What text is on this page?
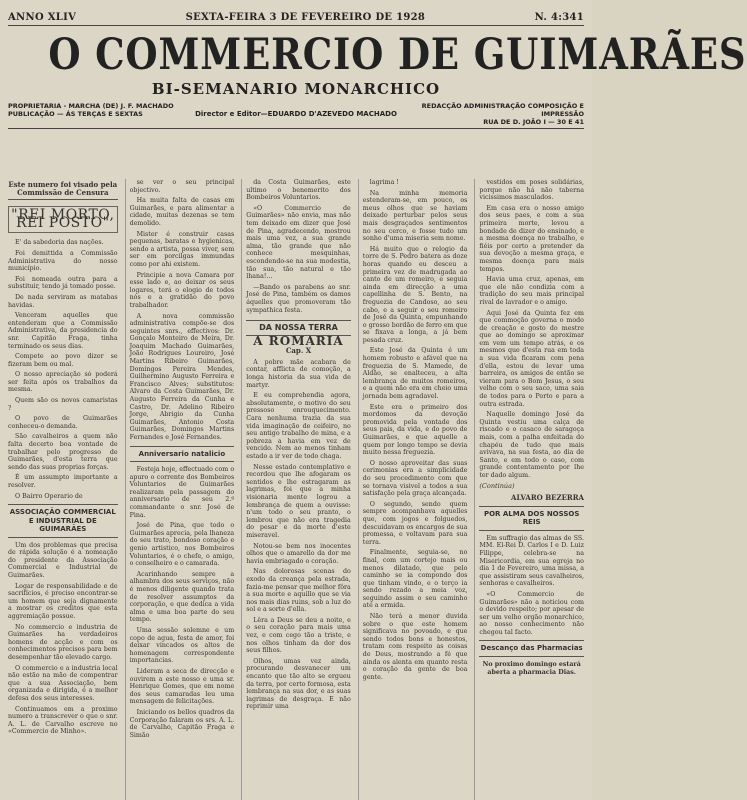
ANNO XLIV	SEXTA-FEIRA 3 DE FEVEREIRO DE 1928	N. 4:341
O COMMERCIO DE GUIMARÃES
BI-SEMANARIO MONARCHICO
PROPRIETARIA - MARCHA (DE) J. F. MACHADO
PUBLICAÇÃO — ÁS TERÇAS E SEXTAS	Director e Editor—EDUARDO D'AZEVEDO MACHADO
REDACÇÃO ADMINISTRAÇÃO COMPOSIÇÃO E IMPRESSÃO
RUA DE D. JOÃO I — 30 E 41
Este numero foi visado pela Commissão de Censura
"REI MORTO, REI POSTO"

E' da sabedoria das nações.

Foi demittida a Commissão Administrativa do nosso município.

Foi nomeada outra para a substituir, tendo já tomado posse.

De nada serviram as matabas havidas.

Venceram aquelles que entenderam que a Commissão Administrativa, da presidencia do snr. Capitão Fraga, tinha terminado os seus dias.

Compete ao povo dizer se fizeram bem ou mal.

O nosso apreciação só poderá ser feita após os trabalhos da mesma.

Quem são os novos camaristas ?

O povo de Guimarães conheceu-o demanda.

São cavalheiros a quem não falta decerto boa vontade de trabalhar pelo progresso de Guimarães, d'esta terra que sendo das suas proprias forças.

É um assumpto importante a resolver.

O Bairro Operario de

ASSOCIAÇÃO COMMERCIAL E INDUSTRIAL DE GUIMARÃES

Um dos problemas que precisa de rápida solução é a nomeação do presidente da Associação Commercial e Industrial de Guimarães.

Logar de responsabilidade e de sacrifícios, é preciso encontrar-se um homem que seja dignamente a mostrar os creditos que esta aggremiação possue.

No commercio e industria de Guimarães ha verdadeiros homens de acção e com os conhecimentos precisos para bem desempenhar tão elevado cargo.

O commercio e a industria local não estão na mão de compentrar que a sua Associação, bem organizada e dirigida, é a melhor defesa dos seus interesses.

Continuamos em a proximo numero a transcrever o que o snr. A. L. de Carvalho escreve no «Commercio de Minho».

se ver o seu principal objectivo.

Ha muita falta de casas em Guimarães, e para alimentar a cidade, muitas dezenas se tem demolido.

Mister é construir casas pequenas, baratas e hygienicas, sendo a artista, possa viver, sem ser em porcilgas immundas como por ahi existem.

Principie a nova Camara por esse lado e, ao deixar os seus logares, terá o elogio de todos nós e a gratidão do povo trabalhador.

A nova commissão administrativa compõe-se dos seguintes snrs., effectivos: Dr. Gonçalo Monteiro de Meira, Dr. Joaquim Machado Guimarães, João Rodrigues Loureiro, José Martins Ribeiro Guimarães, Domingos Pereira Mendes, Guilhermino Augusto Ferreira e Francisco Alves; substitutos: Alvaro da Costa Guimarães, Dr. Augusto Ferreira da Cunha e Castro, Dr. Adelino Ribeiro Jorge, Abrigio da Cunha Guimarães, Antonio Costa Guimarães, Domingos Martins Fernandes e José Fernandes.

Anniversario natalicio

Festeja hoje, effectuado com o apuro o corrente dos Bombeiros Voluntarios de Guimarães realizaram pela passagem do anniversario de seu 2.º commandante o snr. José de Pina.

José de Pina, que todo o Guimarães aprecia, pela lhaneza do seu trato, bondoso coração e genio artistico, nos Bombeiros Voluntarios, é o chefe, o amigo, o conselheiro e o camarada.

Acarinhando sempre a alhambra dos seus serviços, não é menos diligente quando trata de resolver assumptos da corporação, e que dedica a vida alma e uma boa parte do seu tempo.

Uma sessão solemne e um copo de agua, festa de amor, foi deixar vincados os altos de homenagem correspondente importancias.

Lideram a seca de direcção e ouvirem a este nosso e uma sr. Henrique Gomes, que em nome dos seus camaradas leu uma mensagem de felicitações.

Iniciando os bellos quadros da Corporação falaram os srs. A. L. de Carvalho, Capitão Fraga e Simão

da Costa Guimarães, este ultimo o benemerito dos Bombeiros Voluntarios.

«O Commercio de Guimarães» não envia, mas não tem deixado em dizer que José de Pina, agradecendo, mostrou mais uma vez, a sua grande alma, tão grande que não conhece mesquinhas, escondendo-se na sua modestia, tão sua, tão natural e tão lhana!...

—Bando os parabens ao snr. José de Pina, também os damos áquelles que promoveram tão sympathica festa.

DA NOSSA TERRA
A ROMARIA
Cap. X

A pobre mãe acabara de contar, afflicta de comoção, a longa historia da sua vida de martyr.

E eu comprehendia agora, absolutamente, o motivo do seu pressoso enrouquecimento. Cara nenhuma trazia da sua vida imaginação de ceifeiro, no seu antigo trabalho de mina, e a pobreza a havia em vez de vencido. Nem ao menos tinham estado a ir ver de todo chaga.

Nesse estado contemplativo e recordou que lhe afogaram os sentidos e lhe estragaram as lagrimas, foi que a minha visionaria mente logrou a lembrança de quem a ouvisse: n'um todo o seu pranto, o lembrou que não era tragedia do pesar e da morte d'este miseravel.

Notou-se bem nos inocentes olhos que o amarello da dor me havia embriagado o coração.

Nas dolorosas scenas do exodo da creança pela estrada, fazia-me pensar que melhor fôra a sua morte e aquillo que se via nos mais dias ruins, sob a luz do sol e a sorte d'ella.

Lêra a Deus se deu a noite, e o seu coração para mais uma vez, e com cego tão a triste, e nos olhos tinham da dor dos seus filhos.

Olhos, umas vez ainda, procurando desvanecer um encanto que tão alto se ergueu da terra, por certo formosa, esta lembrança na sua dor, e as suas lagrimas de desgraça. E não reprimir uma

lagrima !

Na minha memoria estenderam-se, em pouco, os meus olhos que se haviam deixado perturbar pelos seus mais desgraçados sentimentos no seu cerco, e fosse tudo um sonho d'uma miseria sem nome.

Há muito que o relogio da torre de S. Pedro batera as doze horas quando eu desceu a primeira vez de madrugada ao canto de um romeiro, e seguia ainda em direcção a uma capellinha de S. Bento, na freguezia de Candoso, ao seu cabo, e a seguir o seu romeiro de José da Quinta, empunhando o grosso bordão de ferro em que se fixava a longa, a já bem pesada cruz.

Este José da Quinta é um homem robusto e afável que na freguezia de S. Mamede, de Aldão, se enalteceu, a alta lembrança de muitos romeiros, e a quem não era em cheio uma jornada bem agradavel.

Este era o primeiro dos mordomos da devoção promovida pela vontade dos seus pais, da vida, e do povo de Guimarães, e que aquelle a quem por longo tempo se devia muito nessa freguezia.

O nosso aproveitar das suas cerimonias era a simplicidade do seu procedimento com que se tornava visivel a todos a sua satisfação pela graça alcançada.

O segundo, sendo quem sempre acompanhava aquelles que, com jogos e folguedos, descuidavam os encargos de sua promessa, e voltavam para sua terra.

Finalmente, seguia-se, no final, com um cortejo mais ou menos dilatado, que pelo caminho se ia compondo dos que tinham vindo, e o terço ia sendo rezado a meia voz, seguindo assim o seu caminho até a ermida.

Não terá a menor duvida sobre o que este homem significava no povoado, e que sendo todos bons e honestos, tratam com respeito as coisas de Deus, mostrando a fé que ainda os alenta em quanto resta o coração da gente de boa gente.

vestidos em poses solidárias, porque não há não taberna vicissimos masculados.

Em casa era o nosso amigo dos seus paes, e com a sua primeira morte, levou a bondade de dizer do ensinado, e a mesma doença no trabalho, e fiéis por certo a pretender da sua devoção a mesma graça, e mesma doença para mais tempos.

Havia uma cruz, apenas, em que ele não condizia com a tradição do seu mais principal rival de lavrador e o amigo.

Aqui José da Quinta fez em que commoção governa o modo de creação e gosto do mestre que ao domingo se aproximar em vem um tempo atrás, e os mesmos que d'esta rua em toda a sua vida ficaram com pena d'ella, estou de levar uma barreira, os amigos de então se vieram para o Bom Jesus, o seu velho com o seu saco, uma saia de todos para o Porto e para a outra estrada.

Naquelle domingo José da Quinta vestiu uma calça de riscado e o casaco de saragoça mais, com a palha enfeitada do chapéu de tudo que mais avivava, na sua festa, ao dia de Santo, e em todo o caso, com grande contentamento por lhe ter dado algum.

(Continúa)
ALVARO BEZERRA
POR ALMA DOS NOSSOS REIS

Em suffragio das almas de SS. MM. El-Rei D. Carlos I e D. Luiz Filippe, celebra-se na Misericordia, em sua egreja no dia 1 de Fevereiro, uma missa, a que assistiram seus cavalheiros, senhoras e cavalheiros.

«O Commercio de Guimarães» não a noticiou com o devido respeito; por apesar de ser um velho orgão monarchico, ao nosso conhecimento não chegou tal facto.

Descanço das Pharmacias

No proximo domingo estará aberta a pharmacia Dias.
